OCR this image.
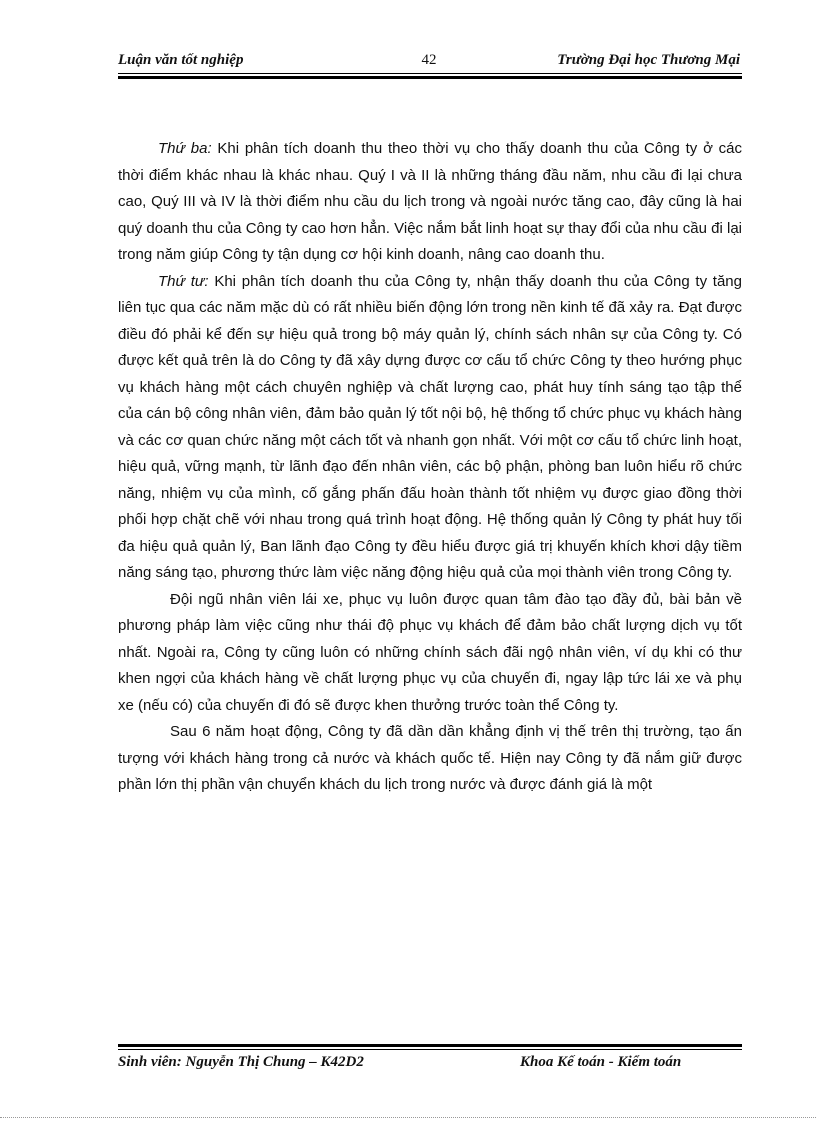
Luận văn tốt nghiệp	42	Trường Đại học Thương Mại

Thứ ba: Khi phân tích doanh thu theo thời vụ cho thấy doanh thu của Công ty ở các thời điểm khác nhau là khác nhau. Quý I và II là những tháng đầu năm, nhu cầu đi lại chưa cao, Quý III và IV là thời điểm nhu cầu du lịch trong và ngoài nước tăng cao, đây cũng là hai quý doanh thu của Công ty cao hơn hẳn. Việc nắm bắt linh hoạt sự thay đổi của nhu cầu đi lại trong năm giúp Công ty tận dụng cơ hội kinh doanh, nâng cao doanh thu.

Thứ tư: Khi phân tích doanh thu của Công ty, nhận thấy doanh thu của Công ty tăng liên tục qua các năm mặc dù có rất nhiều biến động lớn trong nền kinh tế đã xảy ra. Đạt được điều đó phải kể đến sự hiệu quả trong bộ máy quản lý, chính sách nhân sự của Công ty. Có được kết quả trên là do Công ty đã xây dựng được cơ cấu tổ chức Công ty theo hướng phục vụ khách hàng một cách chuyên nghiệp và chất lượng cao, phát huy tính sáng tạo tập thể của cán bộ công nhân viên, đảm bảo quản lý tốt nội bộ, hệ thống tổ chức phục vụ khách hàng và các cơ quan chức năng một cách tốt và nhanh gọn nhất. Với một cơ cấu tổ chức linh hoạt, hiệu quả, vững mạnh, từ lãnh đạo đến nhân viên, các bộ phận, phòng ban luôn hiểu rõ chức năng, nhiệm vụ của mình, cố gắng phấn đấu hoàn thành tốt nhiệm vụ được giao đồng thời phối hợp chặt chẽ với nhau trong quá trình hoạt động. Hệ thống quản lý Công ty phát huy tối đa hiệu quả quản lý, Ban lãnh đạo Công ty đều hiểu được giá trị khuyến khích khơi dậy tiềm năng sáng tạo, phương thức làm việc năng động hiệu quả của mọi thành viên trong Công ty.

Đội ngũ nhân viên lái xe, phục vụ luôn được quan tâm đào tạo đầy đủ, bài bản về phương pháp làm việc cũng như thái độ phục vụ khách để đảm bảo chất lượng dịch vụ tốt nhất. Ngoài ra, Công ty cũng luôn có những chính sách đãi ngộ nhân viên, ví dụ khi có thư khen ngợi của khách hàng về chất lượng phục vụ của chuyến đi, ngay lập tức lái xe và phụ xe (nếu có) của chuyến đi đó sẽ được khen thưởng trước toàn thể Công ty.

Sau 6 năm hoạt động, Công ty đã dần dần khẳng định vị thế trên thị trường, tạo ấn tượng với khách hàng trong cả nước và khách quốc tế. Hiện nay Công ty đã nắm giữ được phần lớn thị phần vận chuyển khách du lịch trong nước và được đánh giá là một

Sinh viên: Nguyễn Thị Chung – K42D2	Khoa Kế toán - Kiểm toán
